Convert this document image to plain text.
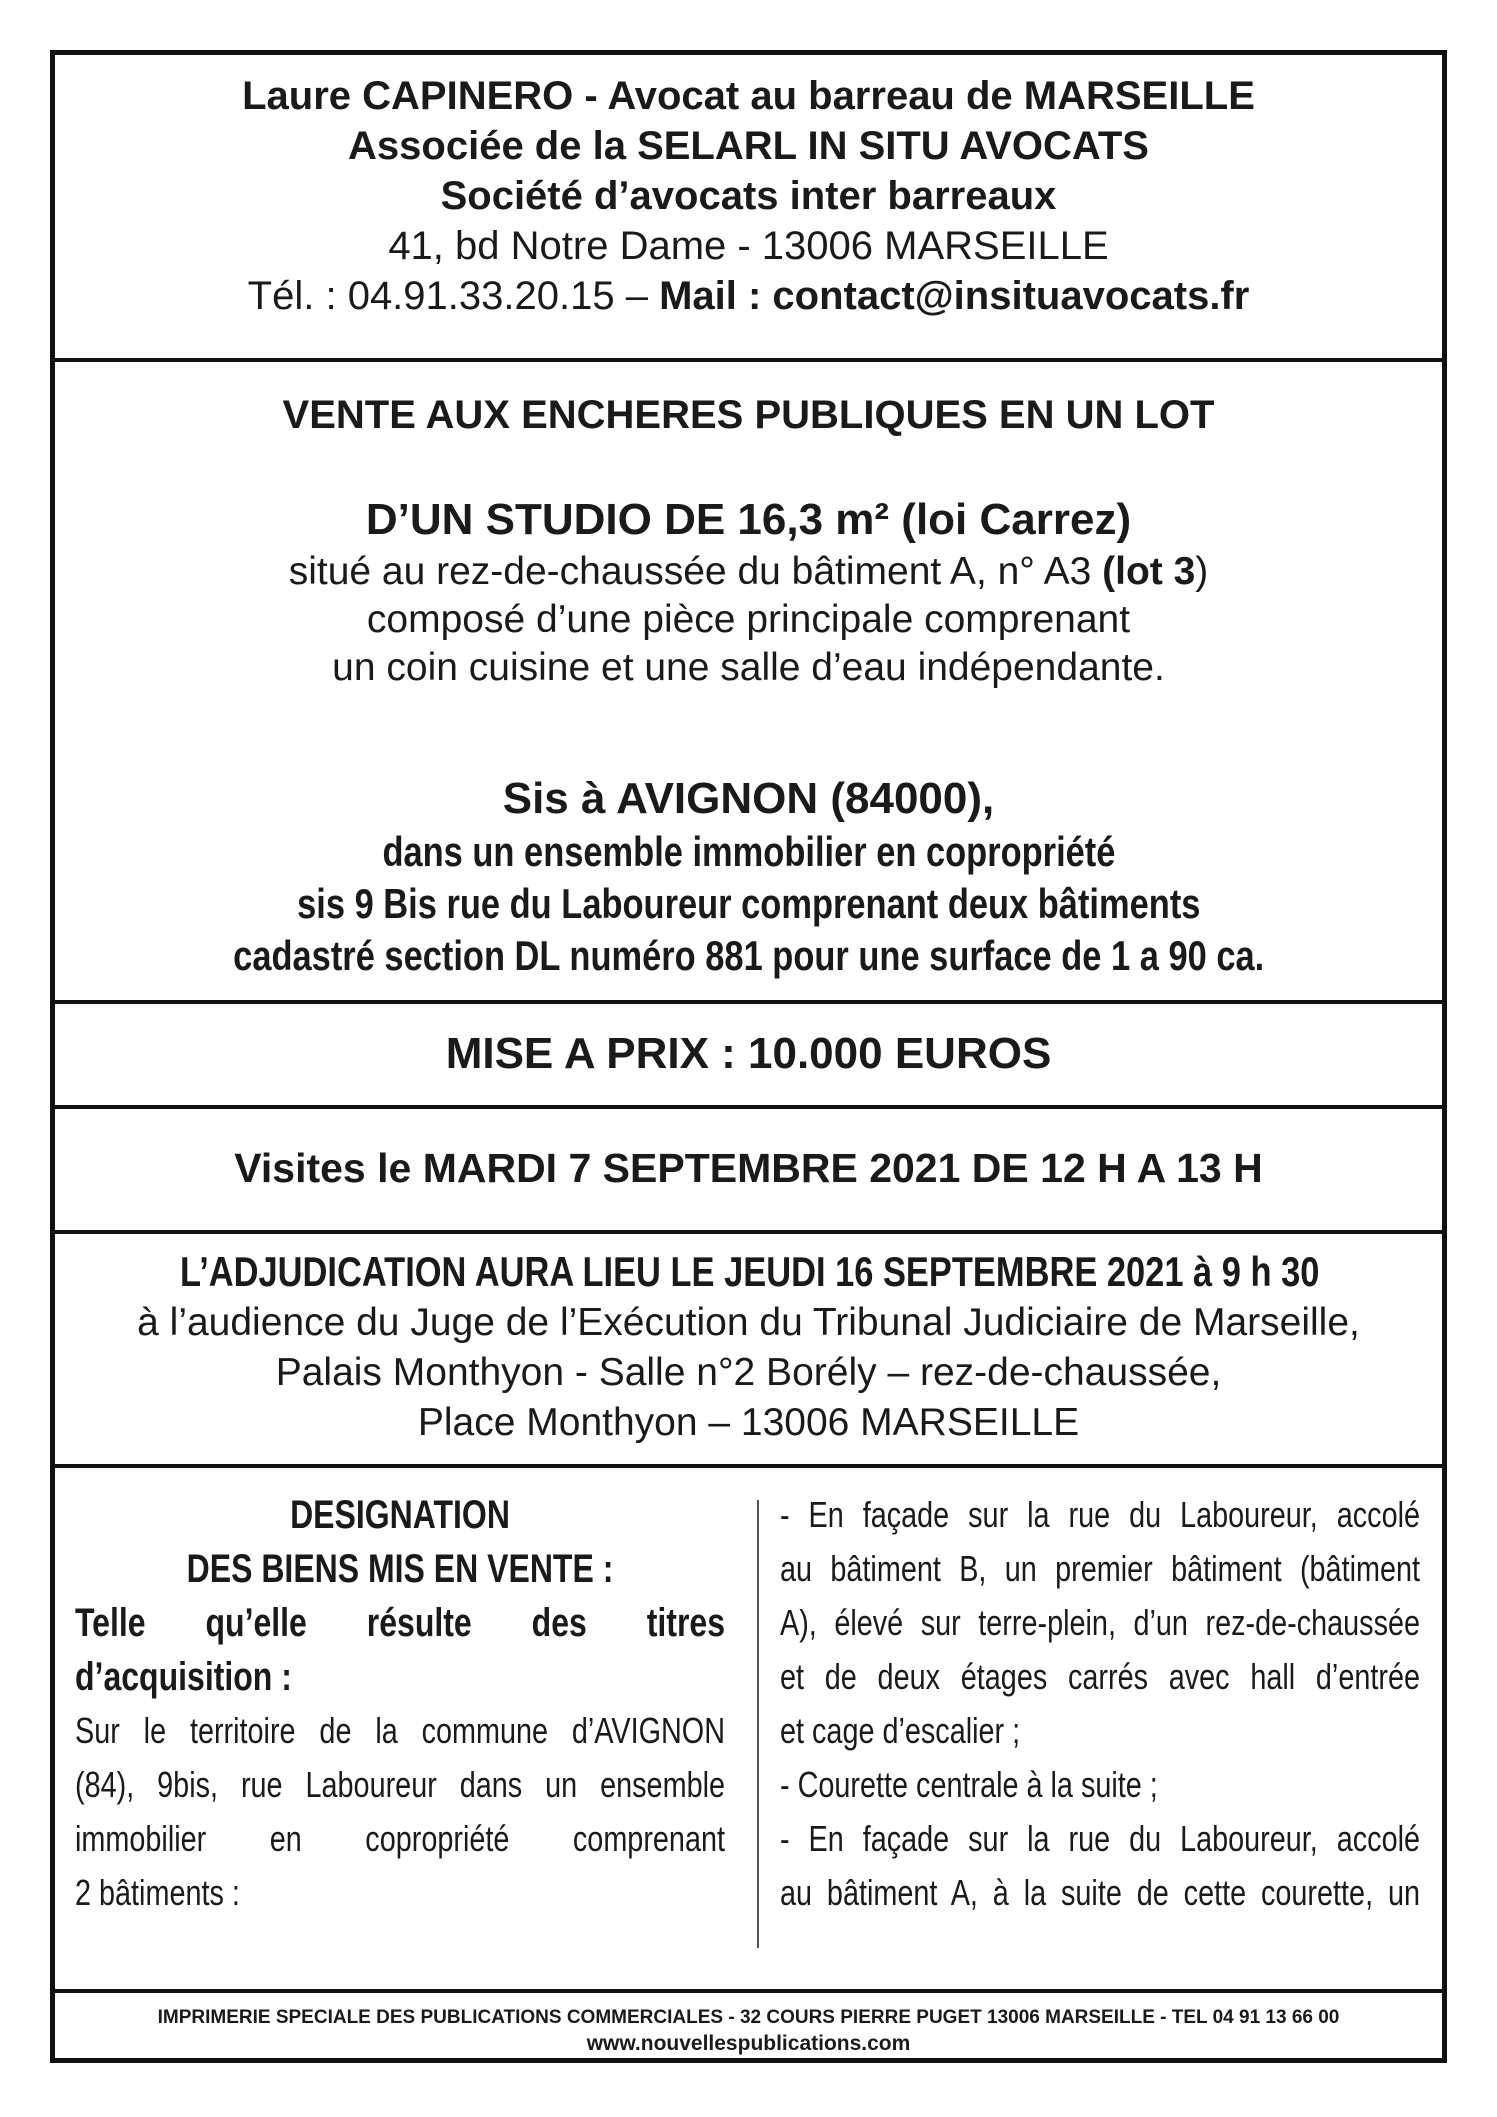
Laure CAPINERO - Avocat au barreau de MARSEILLE
Associée de la SELARL IN SITU AVOCATS
Société d’avocats inter barreaux
41, bd Notre Dame - 13006 MARSEILLE
Tél. : 04.91.33.20.15 – Mail : contact@insituavocats.fr
VENTE AUX ENCHERES PUBLIQUES EN UN LOT
D’UN STUDIO DE 16,3 m² (loi Carrez)
situé au rez-de-chaussée du bâtiment A, n° A3 (lot 3)
composé d’une pièce principale comprenant
un coin cuisine et une salle d’eau indépendante.
Sis à AVIGNON (84000),
dans un ensemble immobilier en copropriété
sis 9 Bis rue du Laboureur comprenant deux bâtiments
cadastré section DL numéro 881 pour une surface de 1 a 90 ca.
MISE A PRIX : 10.000 EUROS
Visites le MARDI 7 SEPTEMBRE 2021 DE 12 H A 13 H
L’ADJUDICATION AURA LIEU LE JEUDI 16 SEPTEMBRE 2021 à 9 h 30
à l’audience du Juge de l’Exécution du Tribunal Judiciaire de Marseille,
Palais Monthyon - Salle n°2 Borély – rez-de-chaussée,
Place Monthyon – 13006 MARSEILLE

DESIGNATION

DES BIENS MIS EN VENTE :

Telle qu’elle résulte des titres

d’acquisition :

Sur le territoire de la commune d’AVIGNON

(84), 9bis, rue Laboureur dans un ensemble

immobilier en copropriété comprenant

2 bâtiments :

- En façade sur la rue du Laboureur, accolé

au bâtiment B, un premier bâtiment (bâtiment

A), élevé sur terre-plein, d’un rez-de-chaussée

et de deux étages carrés avec hall d’entrée

et cage d’escalier ;

- Courette centrale à la suite ;

- En façade sur la rue du Laboureur, accolé

au bâtiment A, à la suite de cette courette, un

IMPRIMERIE SPECIALE DES PUBLICATIONS COMMERCIALES - 32 COURS PIERRE PUGET 13006 MARSEILLE - TEL 04 91 13 66 00
www.nouvellespublications.com
